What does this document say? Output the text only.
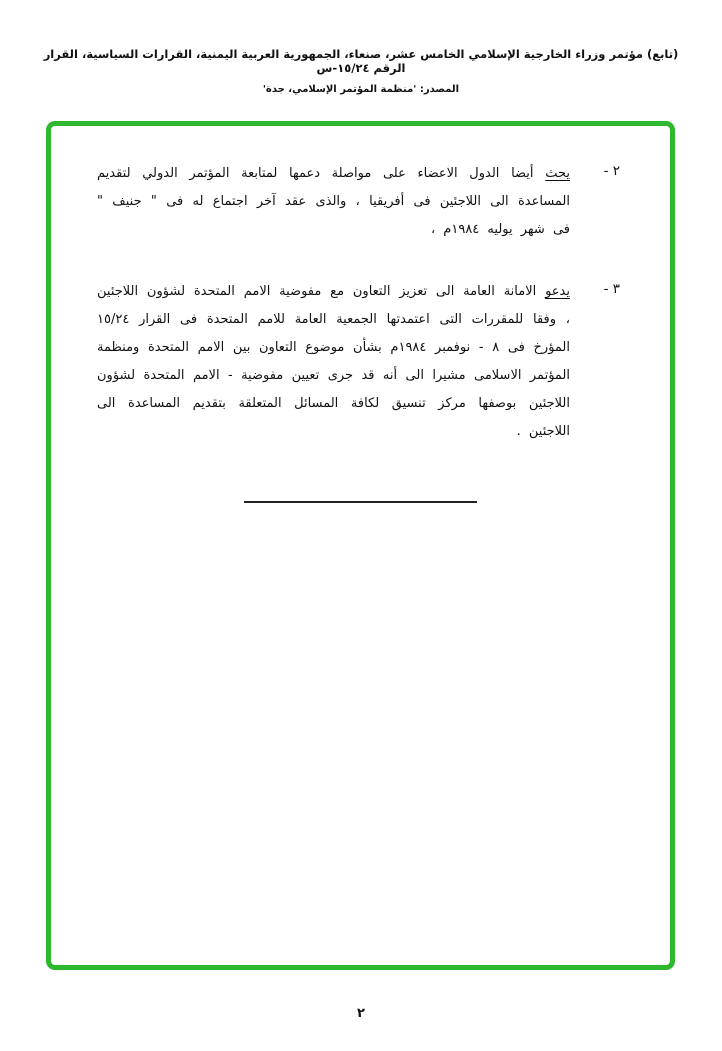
(تابع) مؤتمر وزراء الخارجية الإسلامي الخامس عشر، صنعاء، الجمهورية العربية اليمنية، القرارات السياسية، القرار الرقم ١٥/٢٤-س
المصدر: 'منظمة المؤتمر الإسلامي، جدة'
٢ -
يحث أيضا الدول الاعضاء على مواصلة دعمها لمتابعة المؤتمر الدولي لتقديم المساعدة الى اللاجئين فى أفريقيا ، والذى عقد آخر اجتماع له فى " جنيف " فى شهر يوليه ١٩٨٤م ،
٣ -
يدعو الامانة العامة الى تعزيز التعاون مع مفوضية الامم المتحدة لشؤون اللاجئين ، وفقا للمقررات التى اعتمدتها الجمعية العامة للامم المتحدة فى القرار ١٥/٢٤ المؤرخ فى ٨ - نوفمبر ١٩٨٤م بشأن موضوع التعاون بين الامم المتحدة ومنظمة المؤتمر الاسلامى مشيرا الى أنه قد جرى تعيين مفوضية - الامم المتحدة لشؤون اللاجئين بوصفها مركز تنسيق لكافة المسائل المتعلقة بتقديم المساعدة الى اللاجئين .
٢
